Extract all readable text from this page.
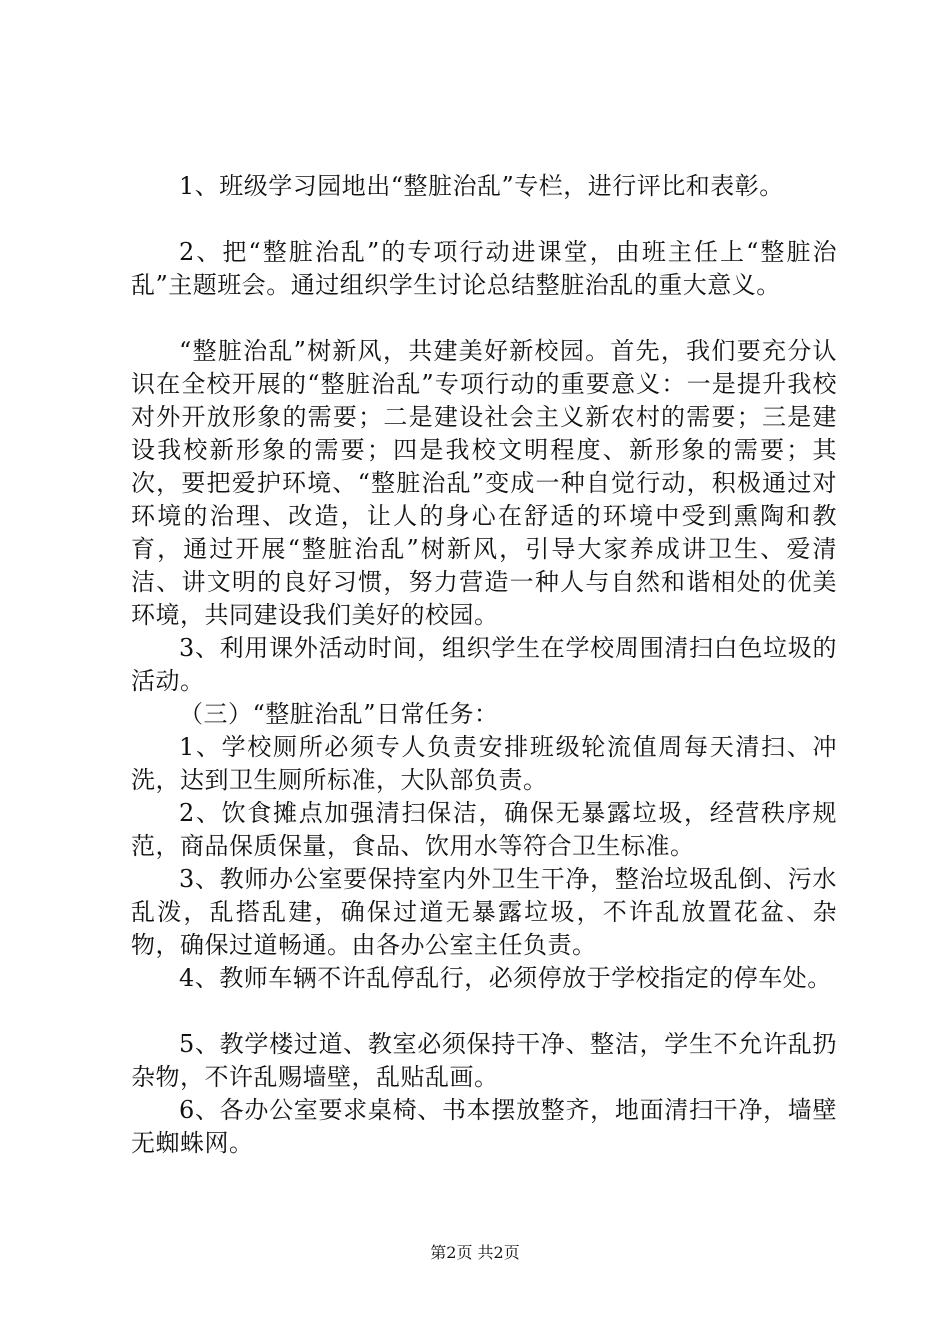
1、班级学习园地出“整脏治乱”专栏，进行评比和表彰。

2、把“整脏治乱”的专项行动进课堂，由班主任上“整脏治乱”主题班会。通过组织学生讨论总结整脏治乱的重大意义。

“整脏治乱”树新风，共建美好新校园。首先，我们要充分认识在全校开展的“整脏治乱”专项行动的重要意义：一是提升我校对外开放形象的需要；二是建设社会主义新农村的需要；三是建设我校新形象的需要；四是我校文明程度、新形象的需要；其次，要把爱护环境、“整脏治乱”变成一种自觉行动，积极通过对环境的治理、改造，让人的身心在舒适的环境中受到熏陶和教育，通过开展“整脏治乱”树新风，引导大家养成讲卫生、爱清洁、讲文明的良好习惯，努力营造一种人与自然和谐相处的优美环境，共同建设我们美好的校园。

3、利用课外活动时间，组织学生在学校周围清扫白色垃圾的活动。

（三）“整脏治乱”日常任务：

1、学校厕所必须专人负责安排班级轮流值周每天清扫、冲洗，达到卫生厕所标准，大队部负责。

2、饮食摊点加强清扫保洁，确保无暴露垃圾，经营秩序规范，商品保质保量，食品、饮用水等符合卫生标准。

3、教师办公室要保持室内外卫生干净，整治垃圾乱倒、污水乱泼，乱搭乱建，确保过道无暴露垃圾，不许乱放置花盆、杂物，确保过道畅通。由各办公室主任负责。

4、教师车辆不许乱停乱行，必须停放于学校指定的停车处。

5、教学楼过道、教室必须保持干净、整洁，学生不允许乱扔杂物，不许乱赐墙壁，乱贴乱画。

6、各办公室要求桌椅、书本摆放整齐，地面清扫干净，墙壁无蜘蛛网。

第2页 共2页
